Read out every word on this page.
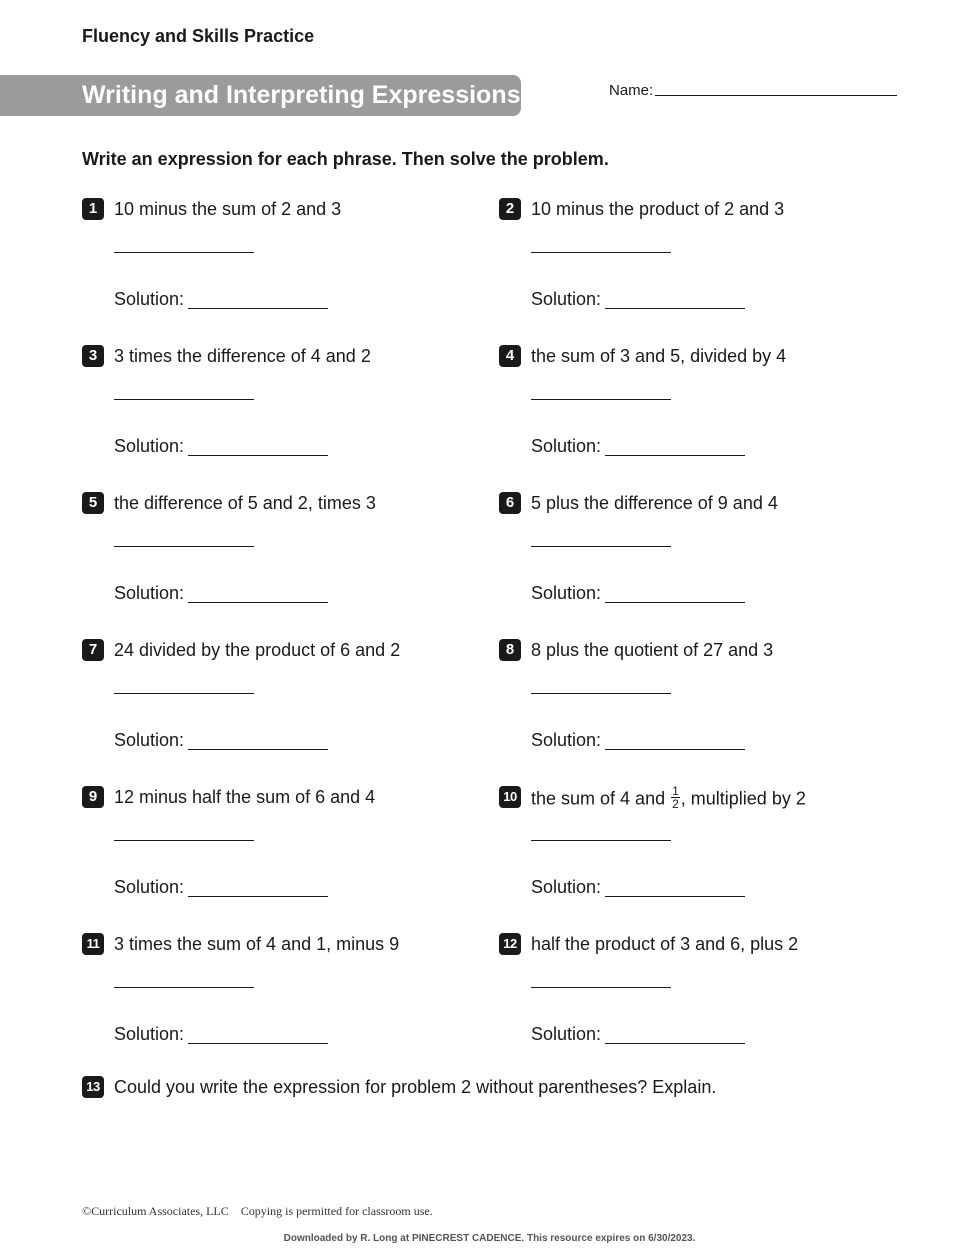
Fluency and Skills Practice
Writing and Interpreting Expressions	Name:
Write an expression for each phrase. Then solve the problem.
1 10 minus the sum of 2 and 3
Solution:
2 10 minus the product of 2 and 3
Solution:
3 3 times the difference of 4 and 2
Solution:
4 the sum of 3 and 5, divided by 4
Solution:
5 the difference of 5 and 2, times 3
Solution:
6 5 plus the difference of 9 and 4
Solution:
7 24 divided by the product of 6 and 2
Solution:
8 8 plus the quotient of 27 and 3
Solution:
9 12 minus half the sum of 6 and 4
Solution:
10 the sum of 4 and $\frac{1}{2}$ , multiplied by 2
Solution:
11 3 times the sum of 4 and 1, minus 9
Solution:
12 half the product of 3 and 6, plus 2
Solution:
13 Could you write the expression for problem 2 without parentheses? Explain.
©Curriculum Associates, LLC    Copying is permitted for classroom use.
Downloaded by R. Long at PINECREST CADENCE. This resource expires on 6/30/2023.
